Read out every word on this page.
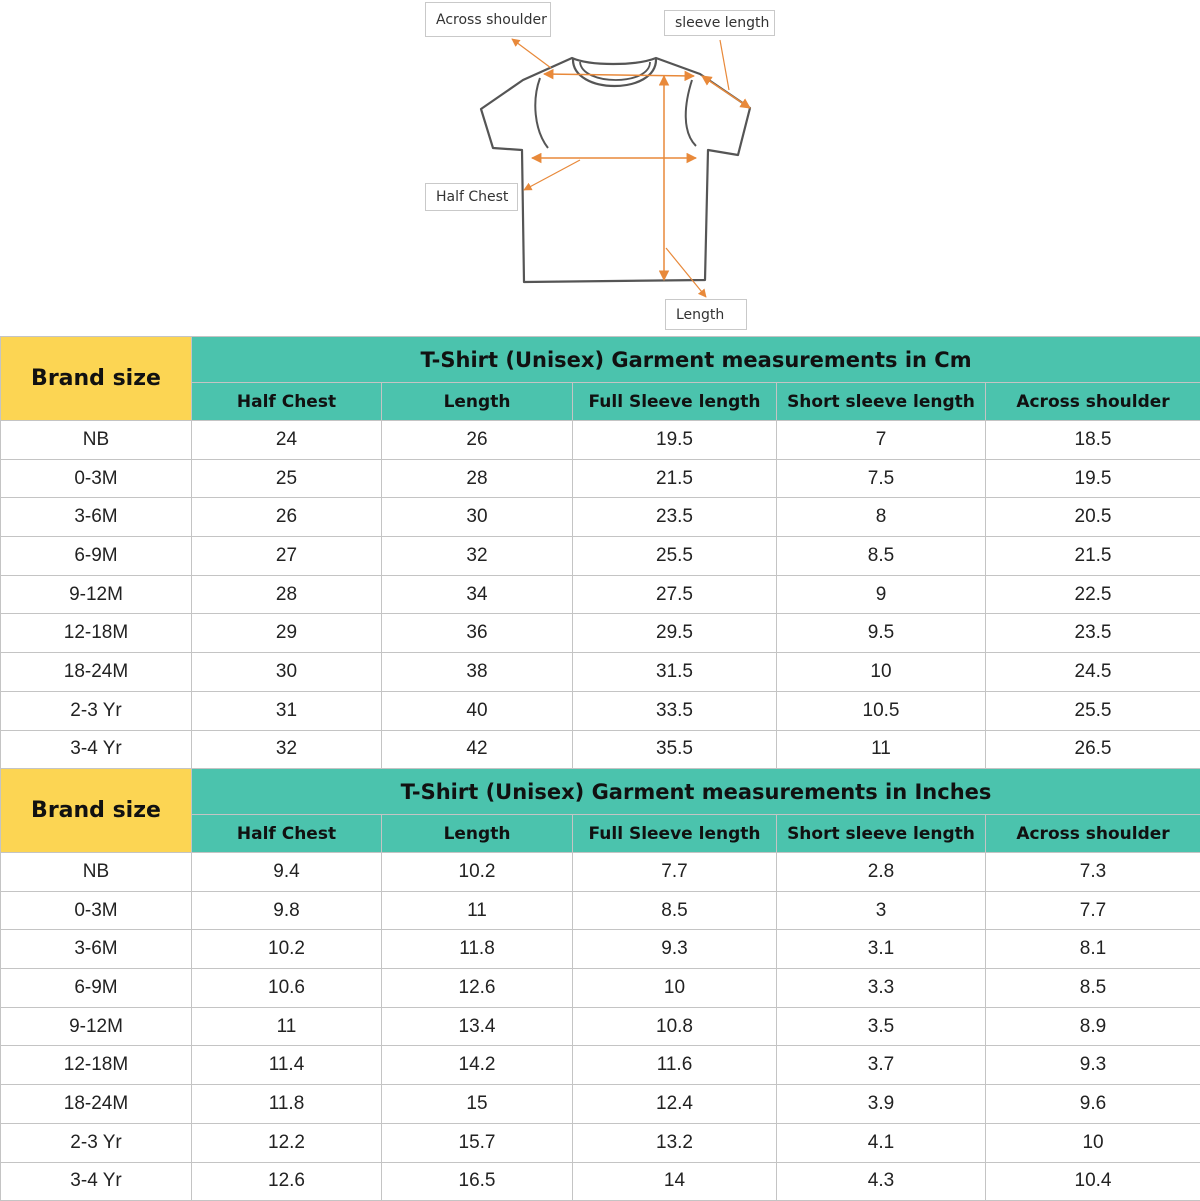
Across shoulder	sleeve length
Half Chest
Length
Brand size	T-Shirt (Unisex) Garment measurements in Cm				
	Half Chest	Length	Full Sleeve length	Short sleeve length	Across shoulder
NB	24	26	19.5	7	18.5
0-3M	25	28	21.5	7.5	19.5
3-6M	26	30	23.5	8	20.5
6-9M	27	32	25.5	8.5	21.5
9-12M	28	34	27.5	9	22.5
12-18M	29	36	29.5	9.5	23.5
18-24M	30	38	31.5	10	24.5
2-3 Yr	31	40	33.5	10.5	25.5
3-4 Yr	32	42	35.5	11	26.5
Brand size	T-Shirt (Unisex) Garment measurements in Inches				
	Half Chest	Length	Full Sleeve length	Short sleeve length	Across shoulder
NB	9.4	10.2	7.7	2.8	7.3
0-3M	9.8	11	8.5	3	7.7
3-6M	10.2	11.8	9.3	3.1	8.1
6-9M	10.6	12.6	10	3.3	8.5
9-12M	11	13.4	10.8	3.5	8.9
12-18M	11.4	14.2	11.6	3.7	9.3
18-24M	11.8	15	12.4	3.9	9.6
2-3 Yr	12.2	15.7	13.2	4.1	10
3-4 Yr	12.6	16.5	14	4.3	10.4
